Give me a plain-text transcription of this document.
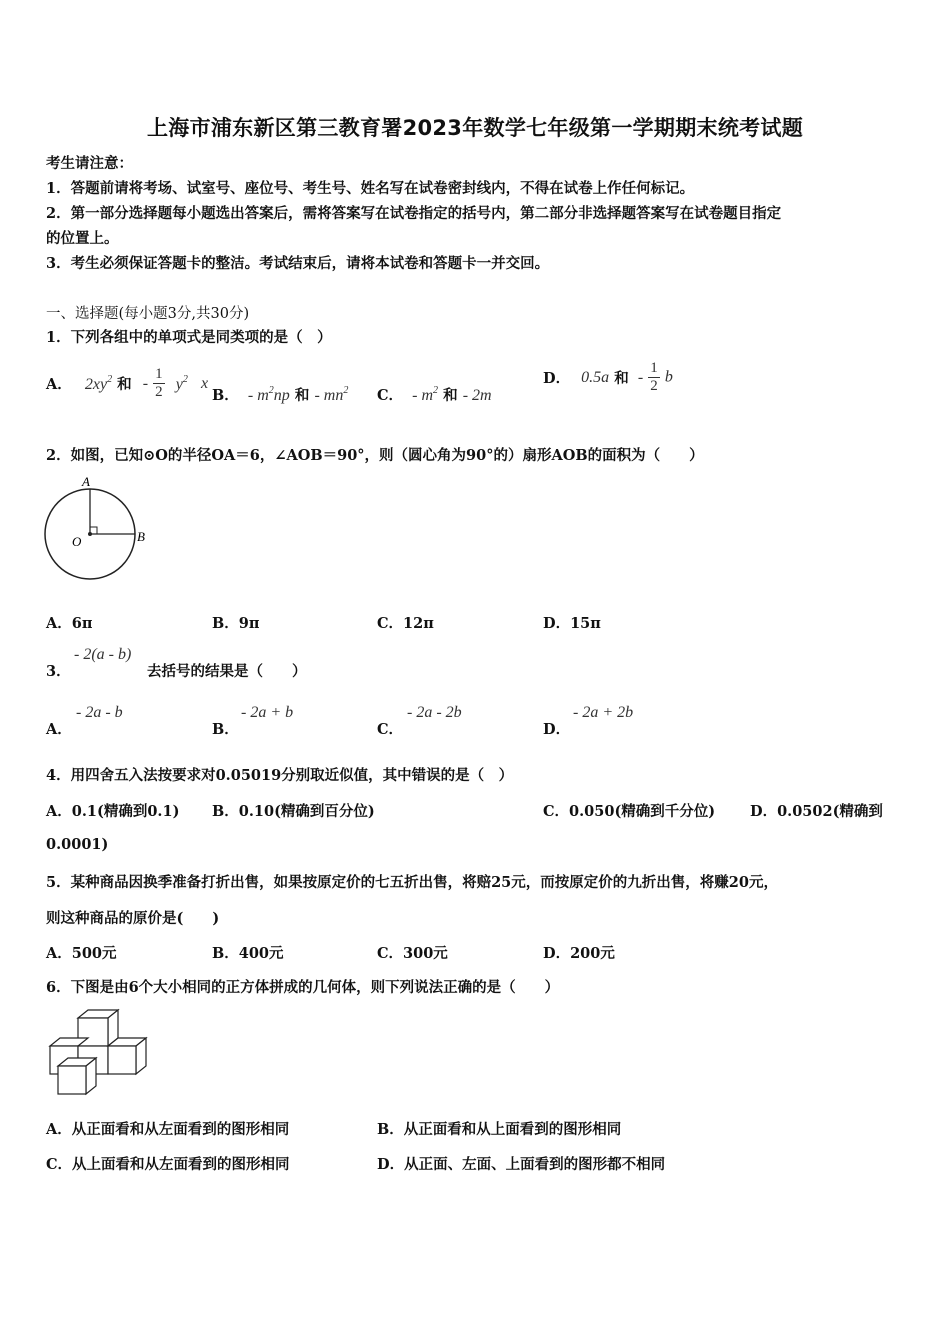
上海市浦东新区第三教育署2023年数学七年级第一学期期末统考试题
考生请注意：
1．答题前请将考场、试室号、座位号、考生号、姓名写在试卷密封线内，不得在试卷上作任何标记。
2．第一部分选择题每小题选出答案后，需将答案写在试卷指定的括号内，第二部分非选择题答案写在试卷题目指定
的位置上。
3．考生必须保证答题卡的整洁。考试结束后，请将本试卷和答题卡一并交回。
一、选择题(每小题3分,共30分)
1．下列各组中的单项式是同类项的是（　）
A． $2xy^2$ 和 - $\frac{1}{2} y^2$ x
B． - $m^2np$ 和 - $mn^2$ C． - $m^2$ 和 - 2m
D． 0.5a 和 - $\frac{1}{2}$ b
2．如图，已知⊙O的半径OA＝6，∠AOB＝90°，则（圆心角为90°的）扇形AOB的面积为（　　）
A
O	B
A．6π	B．9π	C．12π	D．15π
3．
- 2(a - b)
去括号的结果是（　　）
A．
- 2a - b
B．
- 2a + b
C．
- 2a - 2b
D．
- 2a + 2b
4．用四舍五入法按要求对0.05019分别取近似值，其中错误的是（　）
A．0.1(精确到0.1) B．0.10(精确到百分位)	C．0.050(精确到千分位) D．0.0502(精确到
0.0001)
5．某种商品因换季准备打折出售，如果按原定价的七五折出售，将赔25元，而按原定价的九折出售，将赚20元，
则这种商品的原价是(　　)
A．500元	B．400元	C．300元	D．200元
6．下图是由6个大小相同的正方体拼成的几何体，则下列说法正确的是（　　）
A．从正面看和从左面看到的图形相同	B．从正面看和从上面看到的图形相同
C．从上面看和从左面看到的图形相同	D．从正面、左面、上面看到的图形都不相同
